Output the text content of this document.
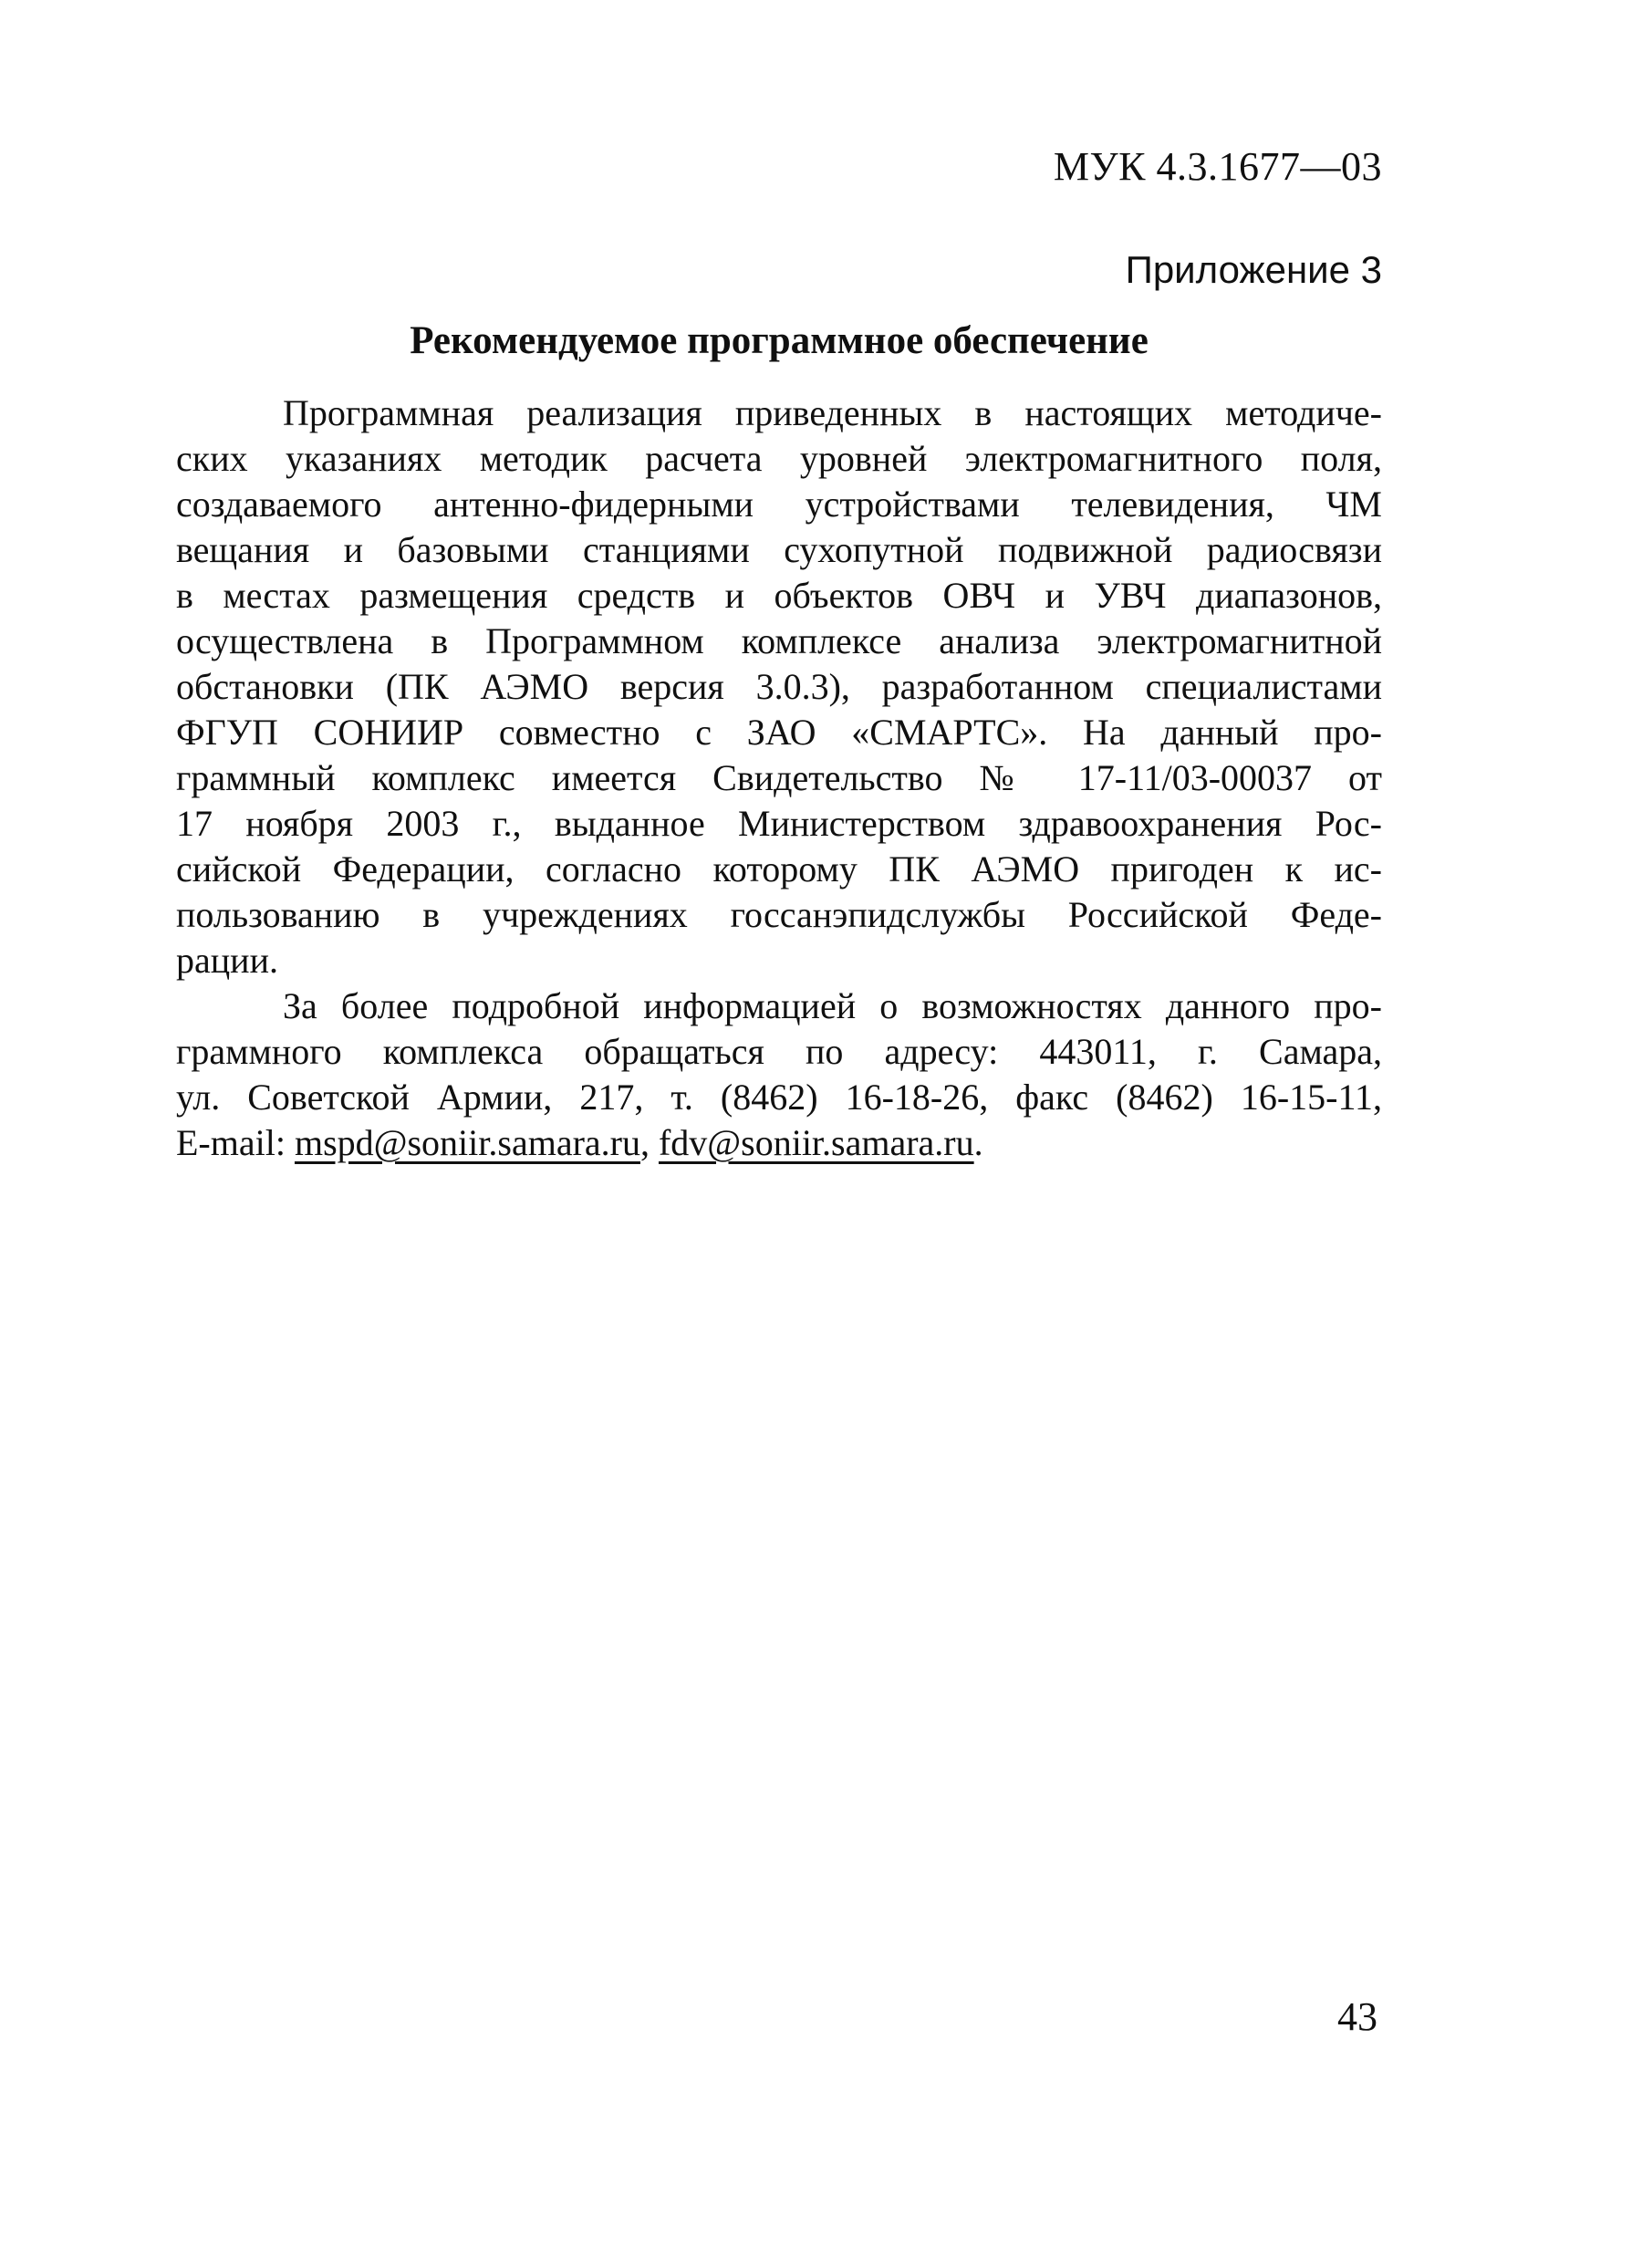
МУК 4.3.1677—03
Приложение 3
Рекомендуемое программное обеспечение
Программная реализация приведенных в настоящих методиче-
ских указаниях методик расчета уровней электромагнитного поля,
создаваемого антенно-фидерными устройствами телевидения, ЧМ
вещания и базовыми станциями сухопутной подвижной радиосвязи
в местах размещения средств и объектов ОВЧ и УВЧ диапазонов,
осуществлена в Программном комплексе анализа электромагнитной
обстановки (ПК АЭМО версия 3.0.3), разработанном специалистами
ФГУП СОНИИР совместно с ЗАО «СМАРТС». На данный про-
граммный комплекс имеется Свидетельство № 17-11/03-00037 от
17 ноября 2003 г., выданное Министерством здравоохранения Рос-
сийской Федерации, согласно которому ПК АЭМО пригоден к ис-
пользованию в учреждениях госсанэпидслужбы Российской Феде-
рации.
За более подробной информацией о возможностях данного про-
граммного комплекса обращаться по адресу: 443011, г. Самара,
ул. Советской Армии, 217, т. (8462) 16-18-26, факс (8462) 16-15-11,
E-mail: mspd@soniir.samara.ru, fdv@soniir.samara.ru.
43
